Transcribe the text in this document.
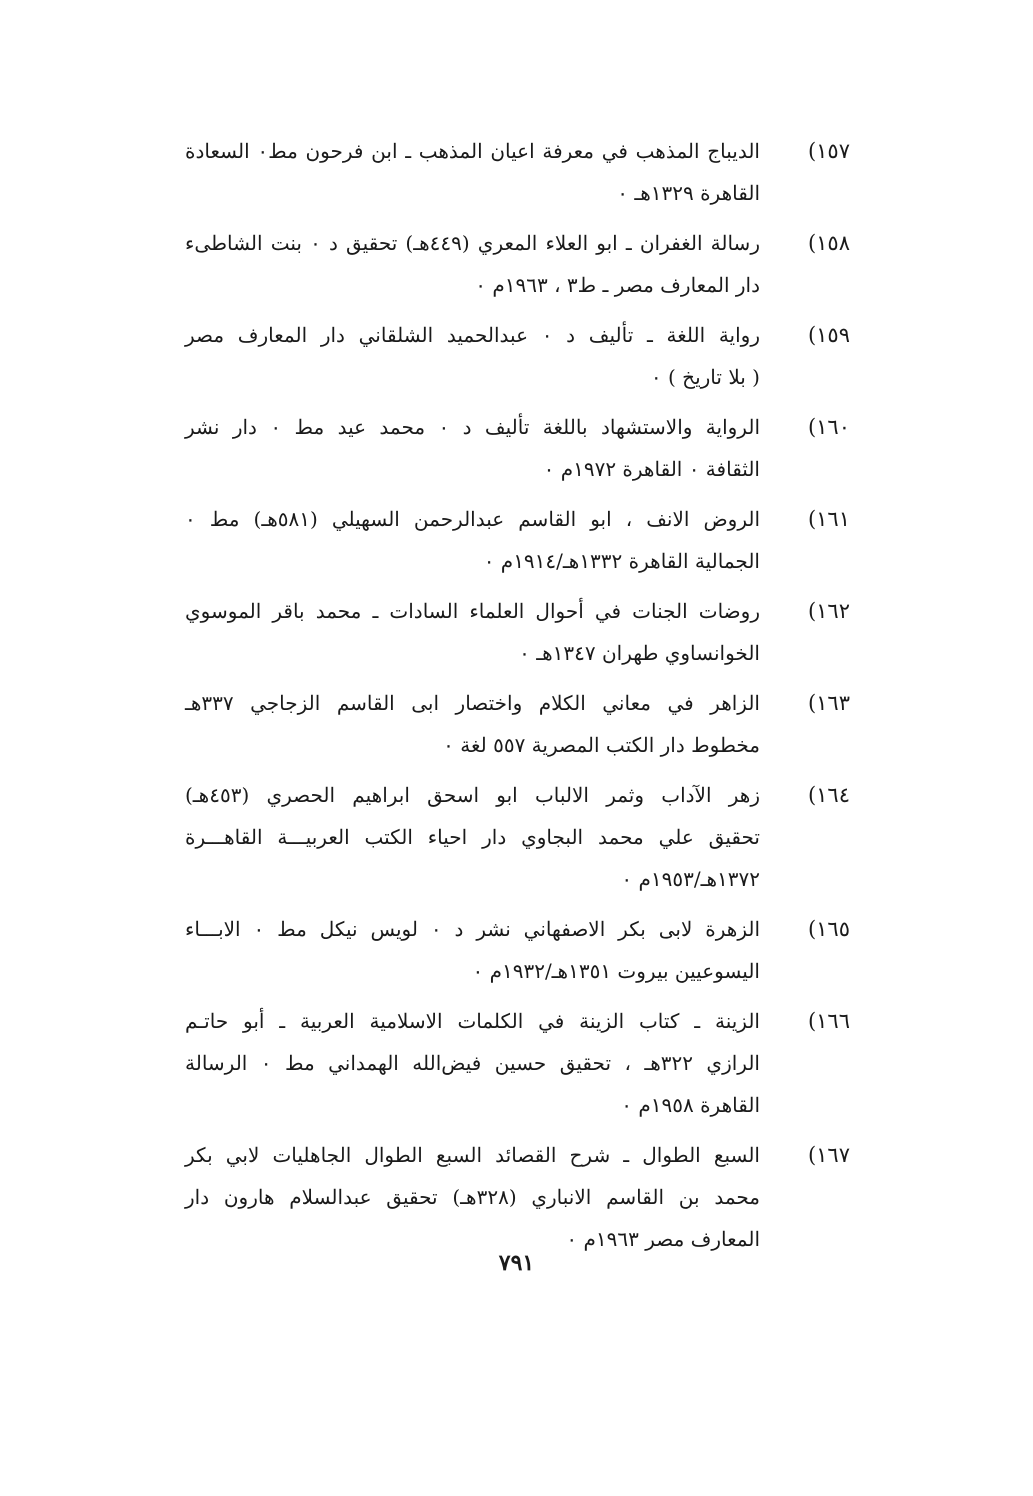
١٥٧)
الديباج المذهب في معرفة اعيان المذهب ـ ابن فرحون مط٠ السعادة
القاهرة ١٣٢٩هـ ٠
١٥٨)
رسالة الغفران ـ ابو العلاء المعري (٤٤٩هـ) تحقيق د ٠ بنت الشاطىء
دار المعارف مصر ـ ط٣ ، ١٩٦٣م ٠
١٥٩)
رواية اللغة ـ تأليف د ٠ عبدالحميد الشلقاني دار المعارف مصر
( بلا تاريخ ) ٠
١٦٠)
الرواية والاستشهاد باللغة تأليف د ٠ محمد عيد مط ٠ دار نشر
الثقافة ٠ القاهرة ١٩٧٢م ٠
١٦١)
الروض الانف ، ابو القاسم عبدالرحمن السهيلي (٥٨١هـ) مط ٠
الجمالية القاهرة ١٣٣٢هـ/١٩١٤م ٠
١٦٢)
روضات الجنات في أحوال العلماء السادات ـ محمد باقر الموسوي
الخوانساوي طهران ١٣٤٧هـ ٠
١٦٣)
الزاهر في معاني الكلام واختصار ابى القاسم الزجاجي ٣٣٧هـ
مخطوط دار الكتب المصرية ٥٥٧ لغة ٠
١٦٤)
زهر الآداب وثمر الالباب ابو اسحق ابراهيم الحصري (٤٥٣هـ)
تحقيق علي محمد البجاوي دار احياء الكتب العربيـــة القاهـــرة
١٣٧٢هـ/١٩٥٣م ٠
١٦٥)
الزهرة لابى بكر الاصفهاني نشر د ٠ لويس نيكل مط ٠ الابـــاء
اليسوعيين بيروت ١٣٥١هـ/١٩٣٢م ٠
١٦٦)
الزينة ـ كتاب الزينة في الكلمات الاسلامية العربية ـ أبو حاتـم
الرازي ٣٢٢هـ ، تحقيق حسين فيض‌الله الهمداني مط ٠ الرسالة
القاهرة ١٩٥٨م ٠
١٦٧)
السبع الطوال ـ شرح القصائد السبع الطوال الجاهليات لابي بكر
محمد بن القاسم الانباري (٣٢٨هـ) تحقيق عبدالسلام هارون دار
المعارف مصر ١٩٦٣م ٠
٧٩١
